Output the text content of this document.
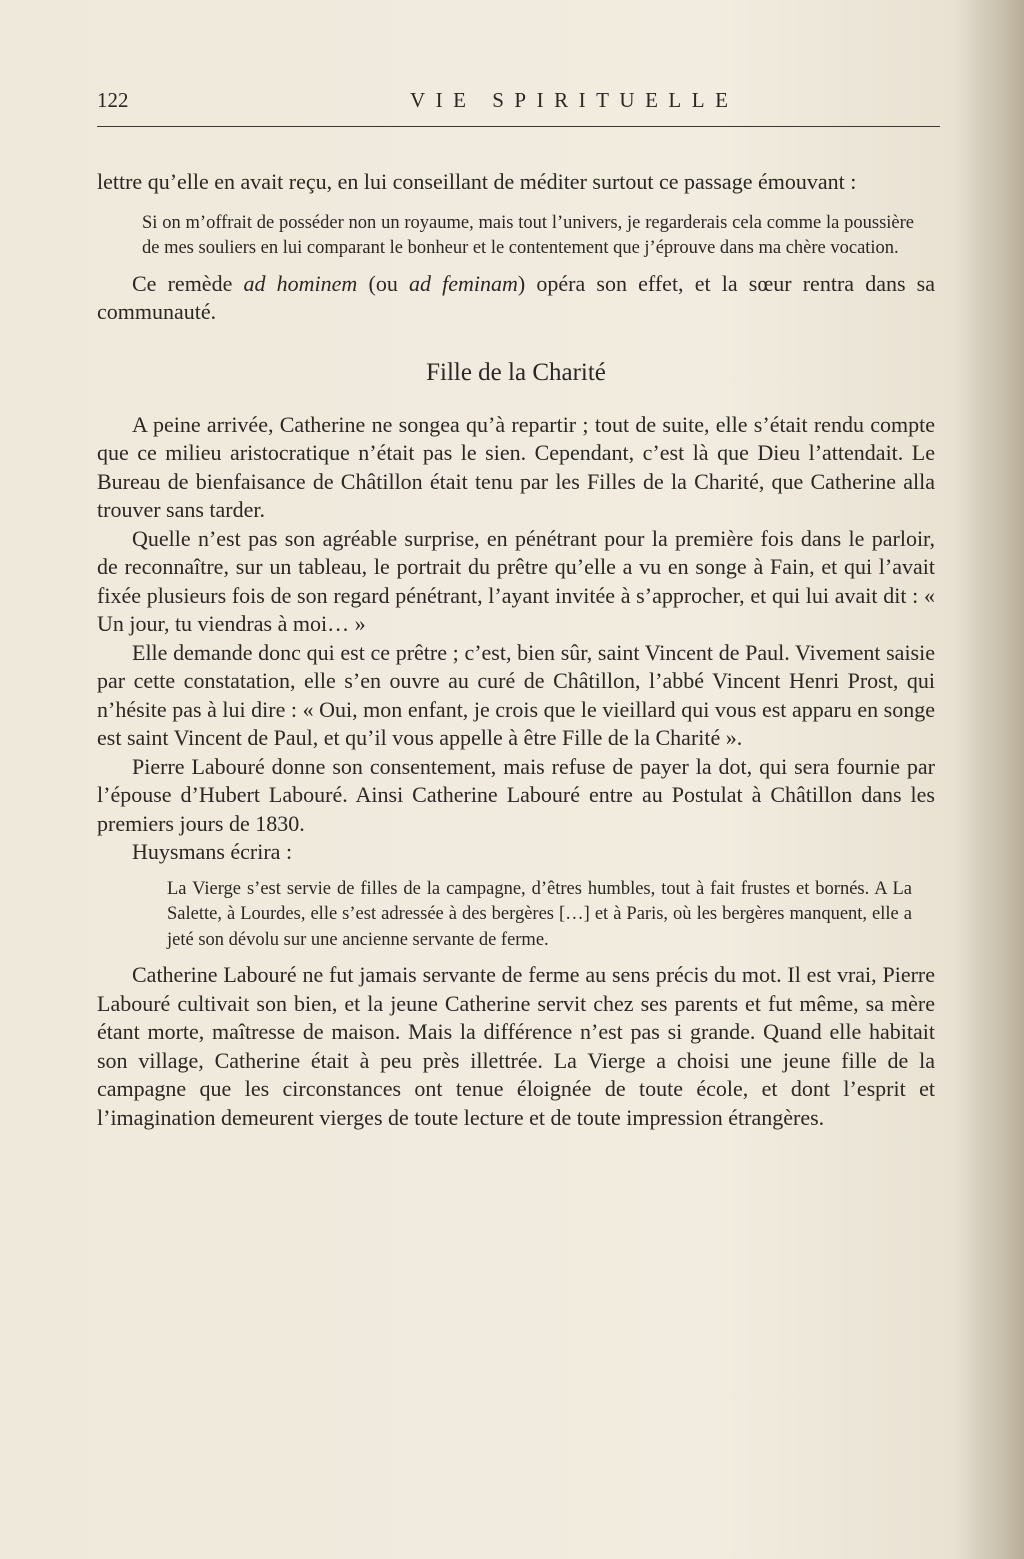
122	VIE SPIRITUELLE

lettre qu’elle en avait reçu, en lui conseillant de méditer surtout ce passage émouvant :

Si on m’offrait de posséder non un royaume, mais tout l’univers, je regarderais cela comme la poussière de mes souliers en lui comparant le bonheur et le contentement que j’éprouve dans ma chère vocation.

Ce remède ad hominem (ou ad feminam) opéra son effet, et la sœur rentra dans sa communauté.

Fille de la Charité

A peine arrivée, Catherine ne songea qu’à repartir ; tout de suite, elle s’était rendu compte que ce milieu aristocratique n’était pas le sien. Cependant, c’est là que Dieu l’attendait. Le Bureau de bienfaisance de Châtillon était tenu par les Filles de la Charité, que Catherine alla trouver sans tarder.

Quelle n’est pas son agréable surprise, en pénétrant pour la première fois dans le parloir, de reconnaître, sur un tableau, le portrait du prêtre qu’elle a vu en songe à Fain, et qui l’avait fixée plusieurs fois de son regard pénétrant, l’ayant invitée à s’approcher, et qui lui avait dit : « Un jour, tu viendras à moi… »

Elle demande donc qui est ce prêtre ; c’est, bien sûr, saint Vincent de Paul. Vivement saisie par cette constatation, elle s’en ouvre au curé de Châtillon, l’abbé Vincent Henri Prost, qui n’hésite pas à lui dire : « Oui, mon enfant, je crois que le vieillard qui vous est apparu en songe est saint Vincent de Paul, et qu’il vous appelle à être Fille de la Charité ».

Pierre Labouré donne son consentement, mais refuse de payer la dot, qui sera fournie par l’épouse d’Hubert Labouré. Ainsi Catherine Labouré entre au Postulat à Châtillon dans les premiers jours de 1830.

Huysmans écrira :

La Vierge s’est servie de filles de la campagne, d’êtres humbles, tout à fait frustes et bornés. A La Salette, à Lourdes, elle s’est adressée à des bergères […] et à Paris, où les bergères manquent, elle a jeté son dévolu sur une ancienne servante de ferme.

Catherine Labouré ne fut jamais servante de ferme au sens précis du mot. Il est vrai, Pierre Labouré cultivait son bien, et la jeune Catherine servit chez ses parents et fut même, sa mère étant morte, maîtresse de maison. Mais la différence n’est pas si grande. Quand elle habitait son village, Catherine était à peu près illettrée. La Vierge a choisi une jeune fille de la campagne que les circonstances ont tenue éloignée de toute école, et dont l’esprit et l’imagination demeurent vierges de toute lecture et de toute impression étrangères.
